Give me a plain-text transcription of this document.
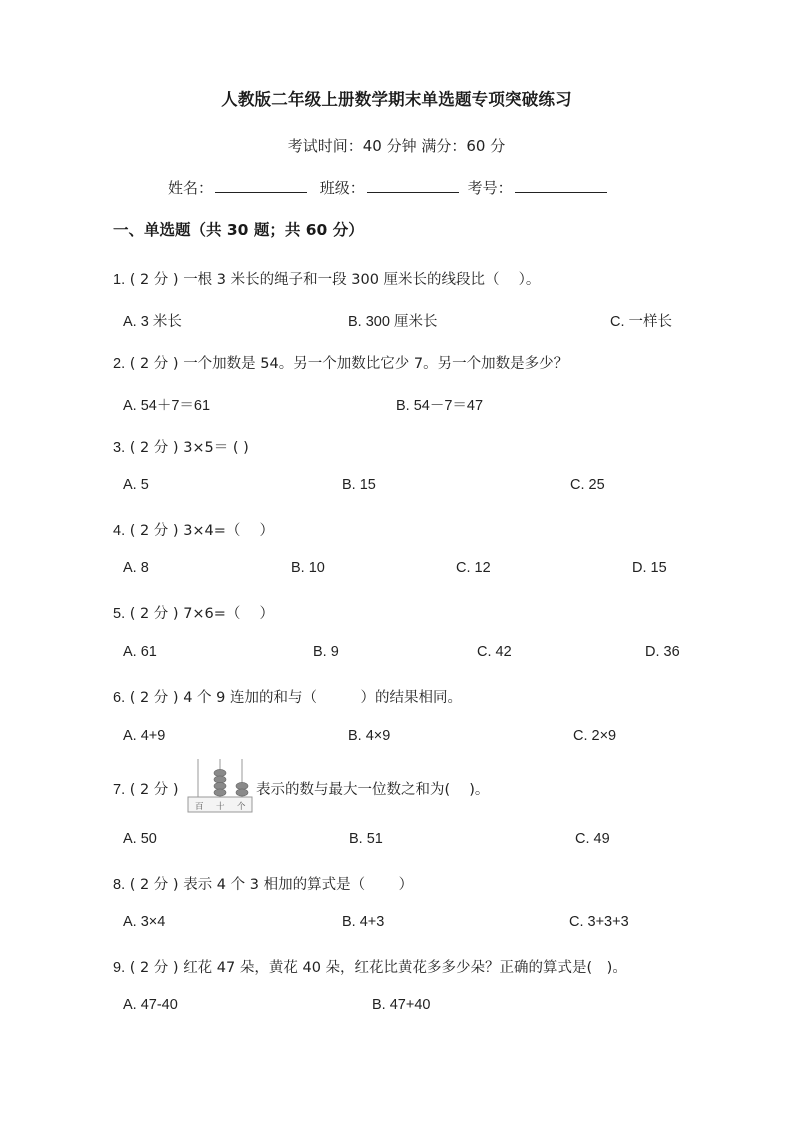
人教版二年级上册数学期末单选题专项突破练习
考试时间：40 分钟 满分：60 分
姓名：	班级：	考号：
一、单选题（共 30 题；共 60 分）
1. ( 2 分 ) 一根 3 米长的绳子和一段 300 厘米长的线段比（　 ）。
A. 3 米长	B. 300 厘米长	C. 一样长
2. ( 2 分 ) 一个加数是 54。另一个加数比它少 7。另一个加数是多少？
A. 54＋7＝61	B. 54－7＝47
3. ( 2 分 ) 3×5＝ ( )
A. 5	B. 15	C. 25
4. ( 2 分 ) 3×4=（　 ）
A. 8	B. 10	C. 12	D. 15
5. ( 2 分 ) 7×6=（　 ）
A. 61	B. 9	C. 42	D. 36
6. ( 2 分 ) 4 个 9 连加的和与（　　　）的结果相同。
A. 4+9	B. 4×9	C. 2×9
7. ( 2 分 )
百 十 个
表示的数与最大一位数之和为(　 )。
A. 50	B. 51	C. 49
8. ( 2 分 ) 表示 4 个 3 相加的算式是（　　 ）
A. 3×4	B. 4+3	C. 3+3+3
9. ( 2 分 ) 红花 47 朵，黄花 40 朵，红花比黄花多多少朵？正确的算式是(　)。
A. 47-40	B. 47+40
